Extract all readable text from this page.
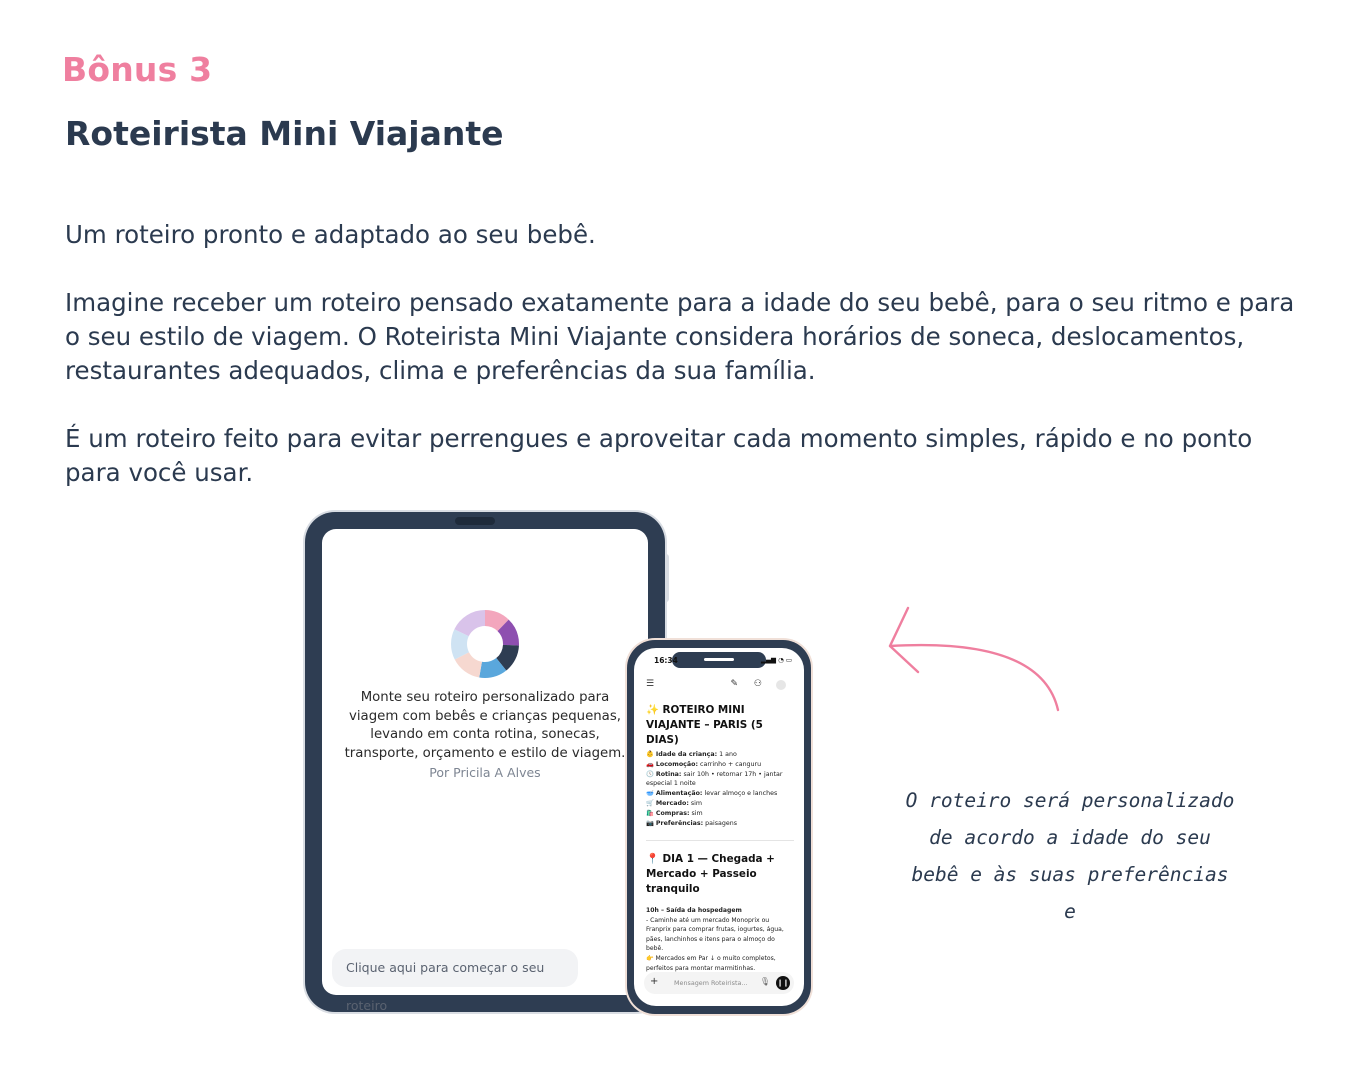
Bônus 3
Roteirista Mini Viajante

Um roteiro pronto e adaptado ao seu bebê.

Imagine receber um roteiro pensado exatamente para a idade do seu bebê, para o seu ritmo e para o seu estilo de viagem. O Roteirista Mini Viajante considera horários de soneca, deslocamentos, restaurantes adequados, clima e preferências da sua família.

É um roteiro feito para evitar perrengues e aproveitar cada momento simples, rápido e no ponto para você usar.

Monte seu roteiro personalizado para viagem com bebês e crianças pequenas, levando em conta rotina, sonecas, transporte, orçamento e estilo de viagem.

Por Pricila A Alves
Clique aqui para começar o seu roteiro
16:34	▂▄▆ ◔ ▭
☰	✎ ⚇

✨ ROTEIRO MINI VIAJANTE – PARIS (5 DIAS)

👶 Idade da criança: 1 ano
🚗 Locomoção: carrinho + canguru
🕓 Rotina: sair 10h • retornar 17h • jantar
especial 1 noite
🥣 Alimentação: levar almoço e lanches
🛒 Mercado: sim
🛍️ Compras: sim
📷 Preferências: paisagens

📍 DIA 1 — Chegada + Mercado + Passeio tranquilo

10h – Saída da hospedagem
- Caminhe até um mercado Monoprix ou
Franprix para comprar frutas, iogurtes, água,
pães, lanchinhos e itens para o almoço do
bebê.
👉 Mercados em Par ↓ o muito completos,
perfeitos para montar marmitinhas.
+ Mensagem Roteirista... 🎙 ❙❙
O roteiro será personalizado
de acordo a idade do seu
bebê e às suas preferências e
